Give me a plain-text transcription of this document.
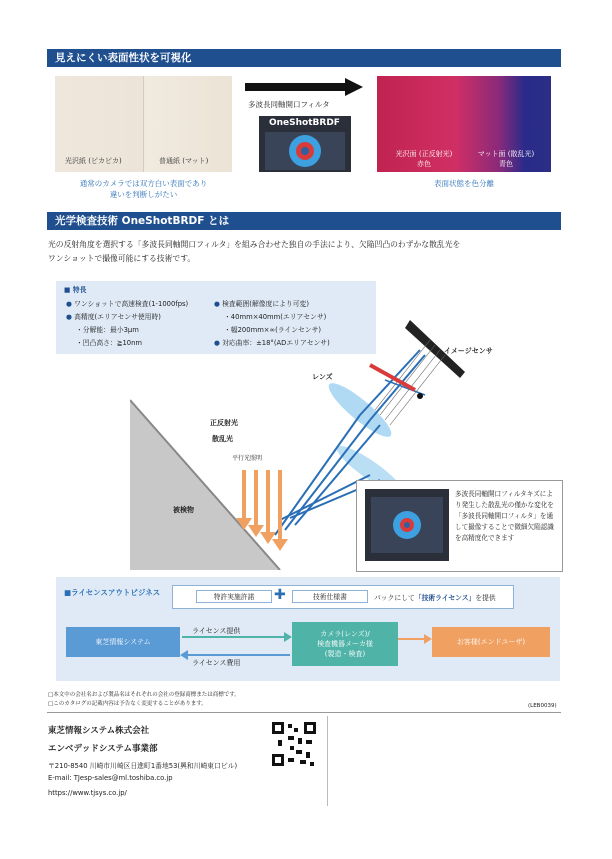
見えにくい表面性状を可視化
光沢紙 (ピカピカ)	普通紙 (マット)
通常のカメラでは双方白い表面であり
違いを判断しがたい
多波長同軸開口フィルタ
OneShotBRDF
光沢面 (正反射光)
赤色
マット面 (散乱光)
青色
表面状態を色分離
光学検査技術 OneShotBRDF とは
光の反射角度を選択する「多波長同軸開口フィルタ」を組み合わせた独自の手法により、欠陥凹凸のわずかな散乱光を
ワンショットで撮像可能にする技術です。
■ 特長
● ワンショットで高速検査(1-1000fps)
● 高精度(エリアセンサ使用時)
・分解能：最小3μm
・凹凸高さ：≧10nm
● 検査範囲(解像度により可変)
・40mm×40mm(エリアセンサ)
・幅200mm×∞(ラインセンサ)
● 対応曲率：±18°(ADエリアセンサ)
イメージセンサ
レンズ
正反射光
散乱光
平行光照明
被検物
多波長同軸開口フィルタキズにより発生した散乱光の僅かな変化を「多波長同軸開口フィルタ」を通して撮像することで微細欠陥認識を高精度化できます
■ライセンスアウトビジネス	特許実施許諾	✚	技術仕様書	パックにして「技術ライセンス」を提供
東芝情報システム
カメラ(レンズ)/
検査機器メーカ様
(製造・検査)
お客様(エンドユーザ)
ライセンス提供
ライセンス費用
□本文中の会社名および製品名はそれぞれの会社の登録商標または商標です。
□このカタログの記載内容は予告なく変更することがあります。	(LEB0039)
東芝情報システム株式会社
エンベデッドシステム事業部
〒210-8540 川崎市川崎区日進町1番地53(興和川崎東口ビル)
E-mail: TJesp-sales@ml.toshiba.co.jp
https://www.tjsys.co.jp/
